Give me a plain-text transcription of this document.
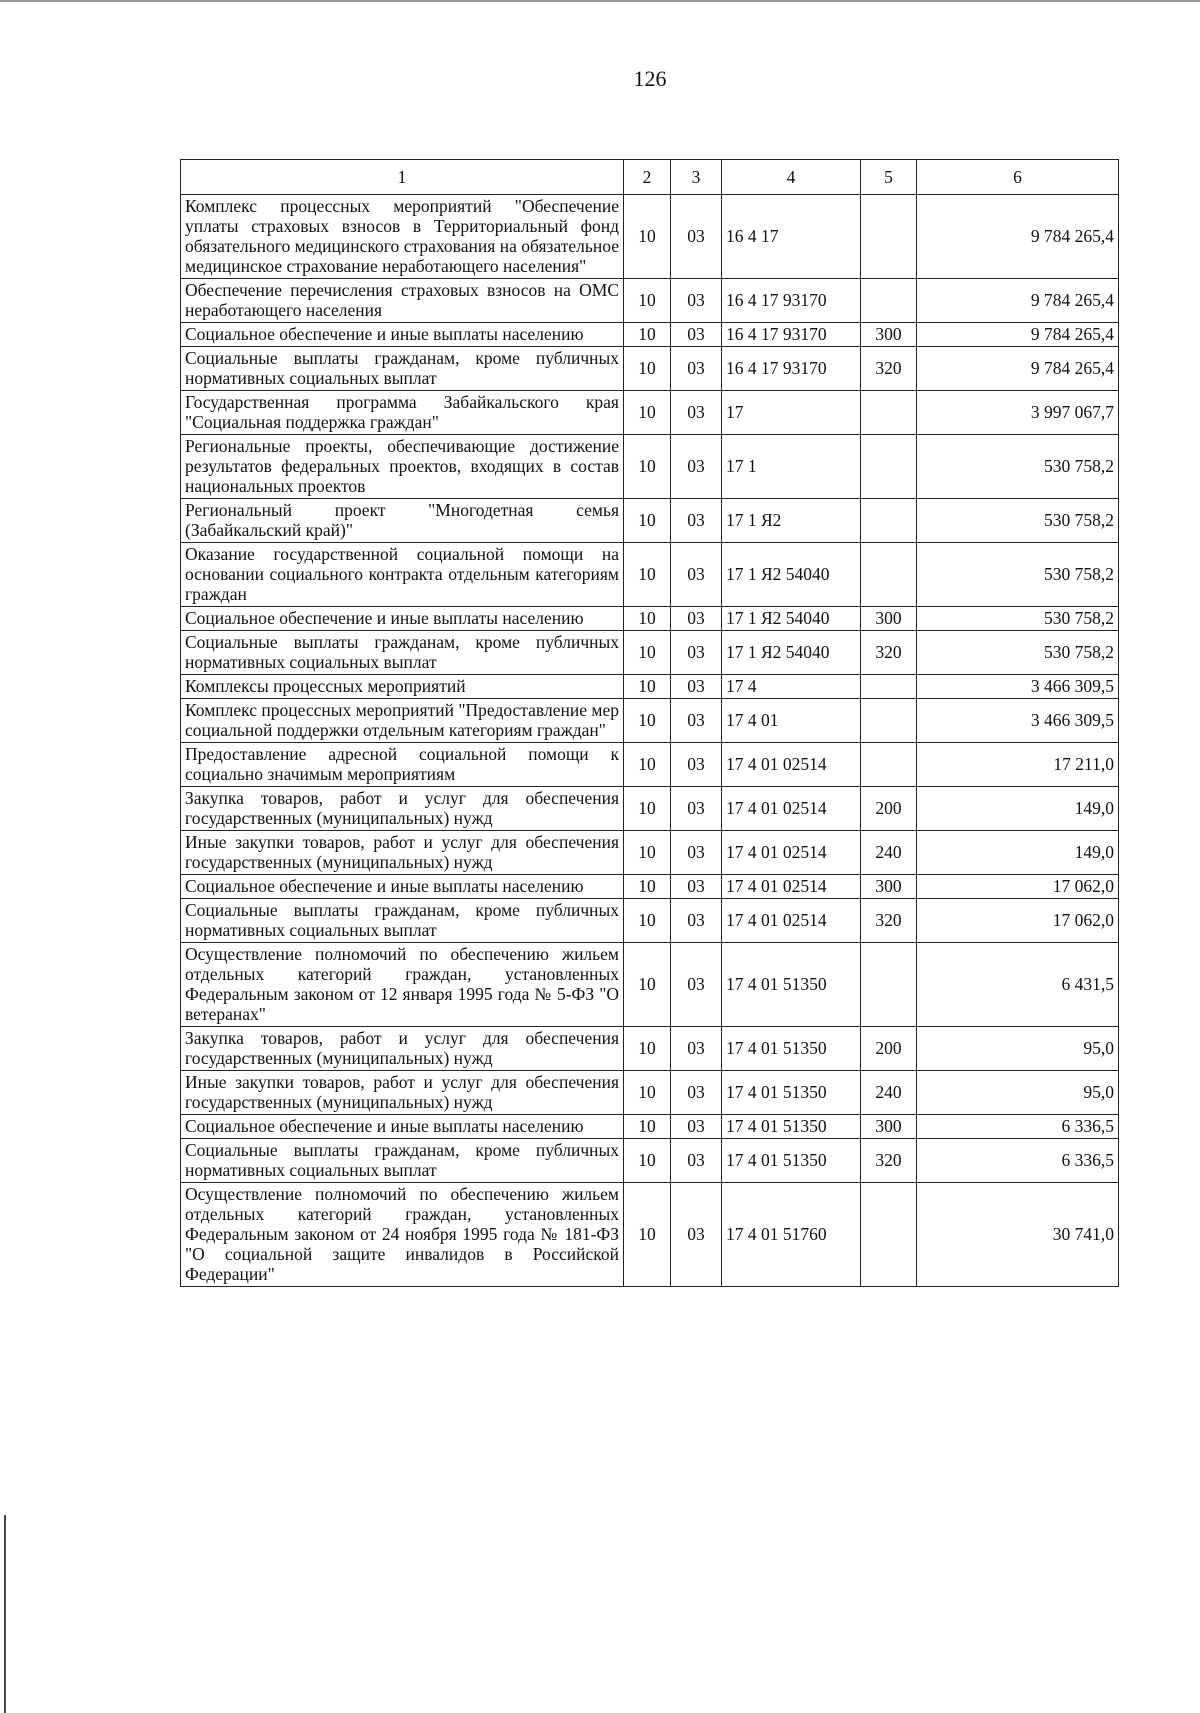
126
1	2	3	4	5	6
Комплекс процессных мероприятий "Обеспечение уплаты страховых взносов в Территориальный фонд обязательного медицинского страхования на обязательное медицинское страхование неработающего населения"	10	03	16 4 17		9 784 265,4
Обеспечение перечисления страховых взносов на ОМС неработающего населения	10	03	16 4 17 93170		9 784 265,4
Социальное обеспечение и иные выплаты населению	10	03	16 4 17 93170	300	9 784 265,4
Социальные выплаты гражданам, кроме публичных нормативных социальных выплат	10	03	16 4 17 93170	320	9 784 265,4
Государственная программа Забайкальского края "Социальная поддержка граждан"	10	03	17		3 997 067,7
Региональные проекты, обеспечивающие достижение результатов федеральных проектов, входящих в состав национальных проектов	10	03	17 1		530 758,2
Региональный проект "Многодетная семья (Забайкальский край)"	10	03	17 1 Я2		530 758,2
Оказание государственной социальной помощи на основании социального контракта отдельным категориям граждан	10	03	17 1 Я2 54040		530 758,2
Социальное обеспечение и иные выплаты населению	10	03	17 1 Я2 54040	300	530 758,2
Социальные выплаты гражданам, кроме публичных нормативных социальных выплат	10	03	17 1 Я2 54040	320	530 758,2
Комплексы процессных мероприятий	10	03	17 4		3 466 309,5
Комплекс процессных мероприятий "Предоставление мер социальной поддержки отдельным категориям граждан"	10	03	17 4 01		3 466 309,5
Предоставление адресной социальной помощи к социально значимым мероприятиям	10	03	17 4 01 02514		17 211,0
Закупка товаров, работ и услуг для обеспечения государственных (муниципальных) нужд	10	03	17 4 01 02514	200	149,0
Иные закупки товаров, работ и услуг для обеспечения государственных (муниципальных) нужд	10	03	17 4 01 02514	240	149,0
Социальное обеспечение и иные выплаты населению	10	03	17 4 01 02514	300	17 062,0
Социальные выплаты гражданам, кроме публичных нормативных социальных выплат	10	03	17 4 01 02514	320	17 062,0
Осуществление полномочий по обеспечению жильем отдельных категорий граждан, установленных Федеральным законом от 12 января 1995 года № 5-ФЗ "О ветеранах"	10	03	17 4 01 51350		6 431,5
Закупка товаров, работ и услуг для обеспечения государственных (муниципальных) нужд	10	03	17 4 01 51350	200	95,0
Иные закупки товаров, работ и услуг для обеспечения государственных (муниципальных) нужд	10	03	17 4 01 51350	240	95,0
Социальное обеспечение и иные выплаты населению	10	03	17 4 01 51350	300	6 336,5
Социальные выплаты гражданам, кроме публичных нормативных социальных выплат	10	03	17 4 01 51350	320	6 336,5
Осуществление полномочий по обеспечению жильем отдельных категорий граждан, установленных Федеральным законом от 24 ноября 1995 года № 181-ФЗ "О социальной защите инвалидов в Российской Федерации"	10	03	17 4 01 51760		30 741,0
